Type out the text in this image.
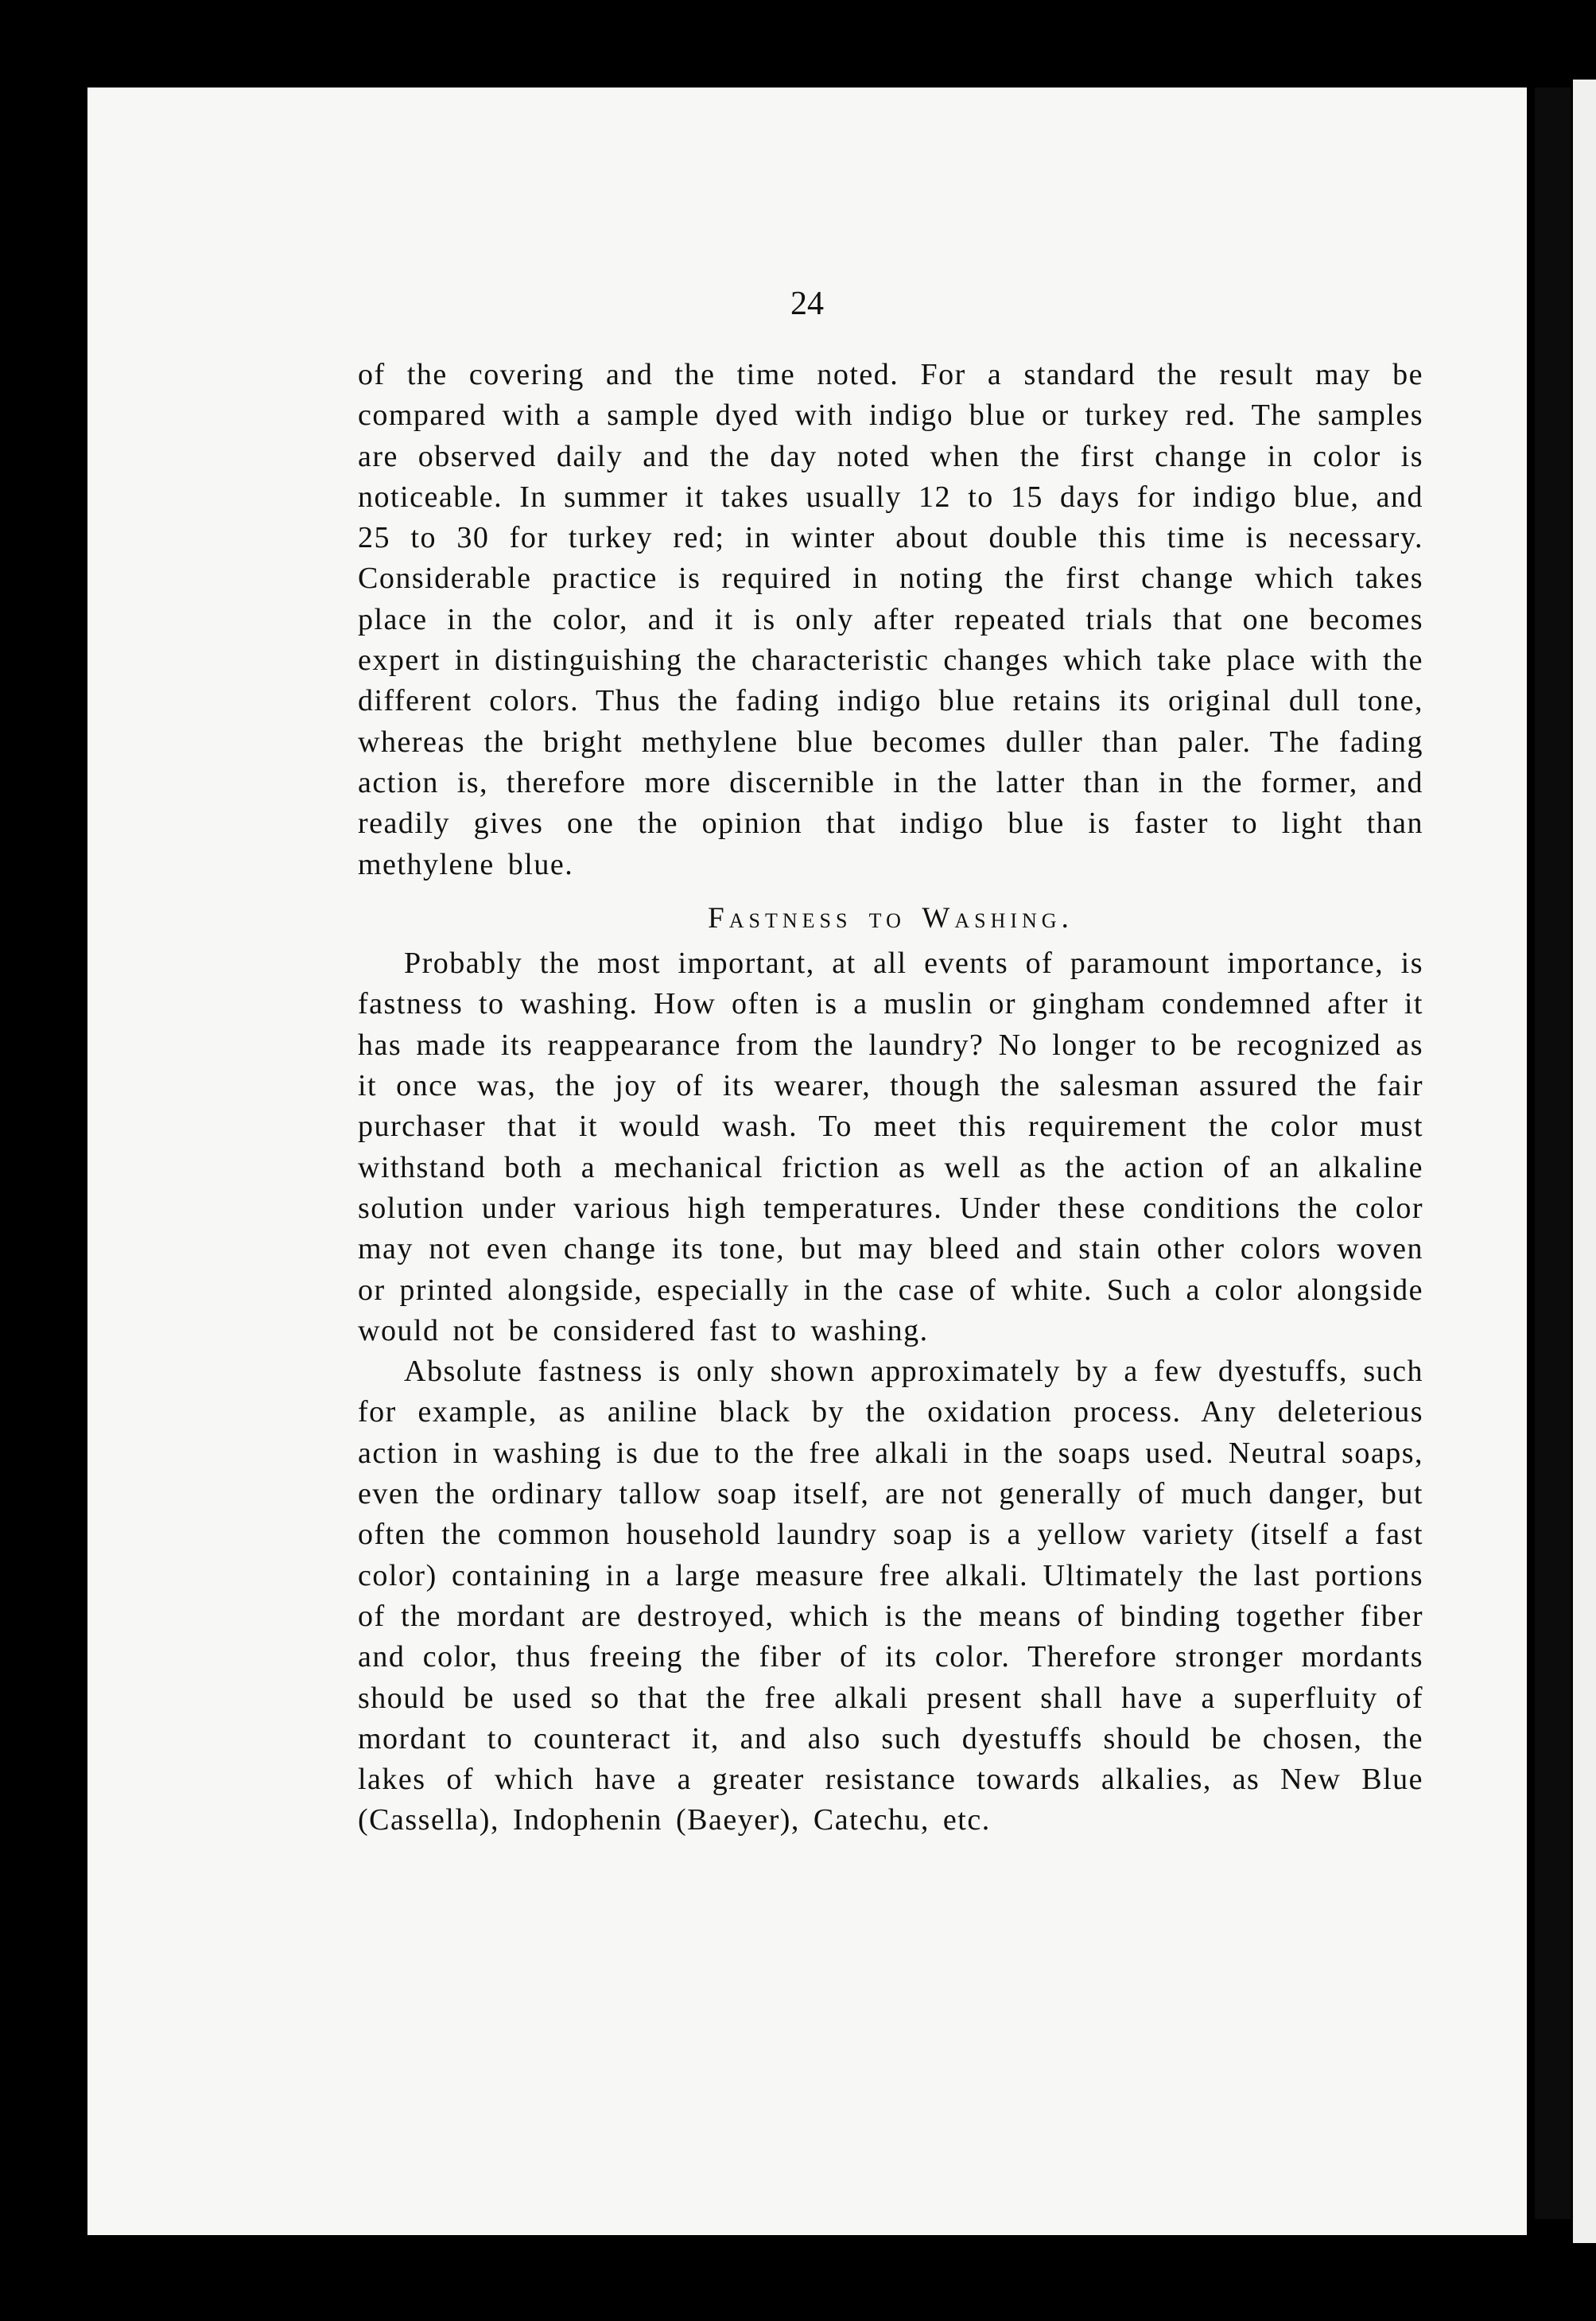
24

of the covering and the time noted. For a standard the result may be compared with a sample dyed with indigo blue or turkey red. The samples are observed daily and the day noted when the first change in color is noticeable. In summer it takes usually 12 to 15 days for indigo blue, and 25 to 30 for turkey red; in winter about double this time is necessary. Considerable practice is required in noting the first change which takes place in the color, and it is only after repeated trials that one becomes expert in distinguishing the characteristic changes which take place with the different colors. Thus the fading indigo blue retains its original dull tone, whereas the bright methylene blue becomes duller than paler. The fading action is, therefore more discernible in the latter than in the former, and readily gives one the opinion that indigo blue is faster to light than methylene blue.

Fastness to Washing.

Probably the most important, at all events of paramount importance, is fastness to washing. How often is a muslin or gingham condemned after it has made its reappearance from the laundry? No longer to be recognized as it once was, the joy of its wearer, though the salesman assured the fair purchaser that it would wash. To meet this requirement the color must withstand both a mechanical friction as well as the action of an alkaline solution under various high temperatures. Under these conditions the color may not even change its tone, but may bleed and stain other colors woven or printed alongside, especially in the case of white. Such a color alongside would not be considered fast to washing.

Absolute fastness is only shown approximately by a few dyestuffs, such for example, as aniline black by the oxidation process. Any deleterious action in washing is due to the free alkali in the soaps used. Neutral soaps, even the ordinary tallow soap itself, are not generally of much danger, but often the common household laundry soap is a yellow variety (itself a fast color) containing in a large measure free alkali. Ultimately the last portions of the mordant are destroyed, which is the means of binding together fiber and color, thus freeing the fiber of its color. Therefore stronger mordants should be used so that the free alkali present shall have a superfluity of mordant to counteract it, and also such dyestuffs should be chosen, the lakes of which have a greater resistance towards alkalies, as New Blue (Cassella), Indophenin (Baeyer), Catechu, etc.
